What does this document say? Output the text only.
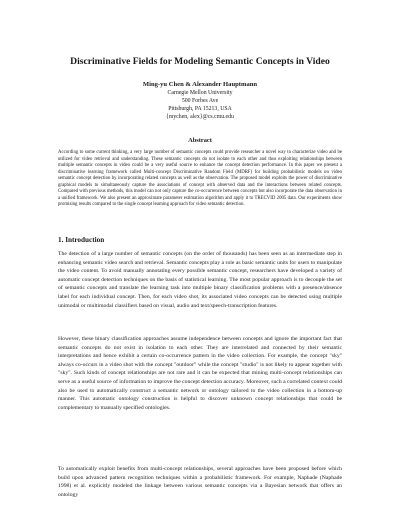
Discriminative Fields for Modeling Semantic Concepts in Video
Ming-yu Chen & Alexander Hauptmann
Carnegie Mellon University
500 Forbes Ave
Pittsburgh, PA 15213, USA
{mychen, alex}@cs.cmu.edu
Abstract

According to some current thinking, a very large number of semantic concepts could provide researcher a novel way to characterize video and be utilized for video retrieval and understanding. These semantic concepts do not isolate to each other and thus exploiting relationships between multiple semantic concepts in video could be a very useful source to enhance the concept detection performance. In this paper we present a discriminative learning framework called Multi-concept Discriminative Random Field (MDRF) for building probabilistic models on video semantic concept detection by incorporating related concepts as well as the observation. The proposed model exploits the power of discriminative graphical models to simultaneously capture the associations of concept with observed data and the interactions between related concepts. Compared with previous methods, this model can not only capture the co-occurrence between concepts but also incorporate the data observation in a unified framework. We also present an approximate parameter estimation algorithm and apply it to TRECVID 2005 data. Our experiments show promising results compared to the single concept learning approach for video semantic detection.

1. Introduction

The detection of a large number of semantic concepts (on the order of thousands) has been seen as an intermediate step in enhancing semantic video search and retrieval. Semantic concepts play a role as basic semantic units for users to manipulate the video content. To avoid manually annotating every possible semantic concept, researchers have developed a variety of automatic concept detection techniques on the basis of statistical learning. The most popular approach is to decouple the set of semantic concepts and translate the learning task into multiple binary classification problems with a presence/absence label for each individual concept. Then, for each video shot, its associated video concepts can be detected using multiple unimodal or multimodal classifiers based on visual, audio and text/speech-transcription features.

However, these binary classification approaches assume independence between concepts and ignore the important fact that semantic concepts do not exist in isolation to each other. They are interrelated and connected by their semantic interpretations and hence exhibit a certain co-occurrence pattern in the video collection. For example, the concept "sky" always co-occurs in a video shot with the concept "outdoor" while the concept "studio" is not likely to appear together with "sky". Such kinds of concept relationships are not rare and it can be expected that mining multi-concept relationships can serve as a useful source of information to improve the concept detection accuracy. Moreover, such a correlated context could also be used to automatically construct a semantic network or ontology tailored to the video collection in a bottom-up manner. This automatic ontology construction is helpful to discover unknown concept relationships that could be complementary to manually specified ontologies.

To automatically exploit benefits from multi-concept relationships, several approaches have been proposed before which build upon advanced pattern recognition techniques within a probabilistic framework. For example, Naphade (Naphade 1998) et al. explicitly modeled the linkage between various semantic concepts via a Bayesian network that offers an ontology
